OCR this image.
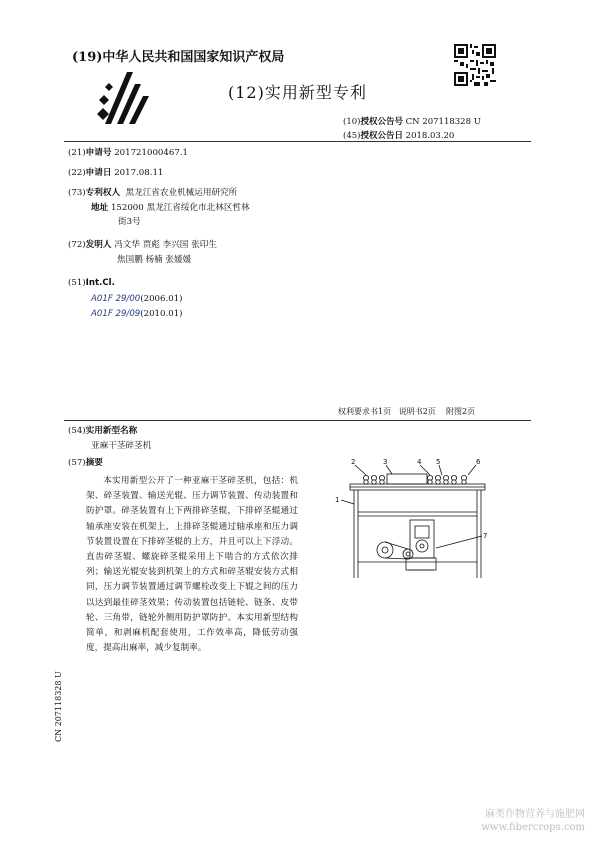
(19)中华人民共和国国家知识产权局
(12)实用新型专利
(10)授权公告号 CN 207118328 U
(45)授权公告日 2018.03.20
(21)申请号 201721000467.1
(22)申请日 2017.08.11
(73)专利权人 黑龙江省农业机械运用研究所
地址 152000 黑龙江省绥化市北林区哲林
街3号
(72)发明人 冯文华 贾彪 李兴国 张印生
焦国鹏 杨楠 张媛媛
(51)Int.Cl.
A01F 29/00(2006.01)
A01F 29/09(2010.01)
权利要求书1页 说明书2页 附图2页
(54)实用新型名称
亚麻干茎碎茎机
(57)摘要
本实用新型公开了一种亚麻干茎碎茎机，包括：机架、碎茎装置、输送光辊、压力调节装置、传动装置和防护罩。碎茎装置有上下两排碎茎辊，下排碎茎辊通过轴承座安装在机架上，上排碎茎辊通过轴承座和压力调节装置设置在下排碎茎辊的上方，并且可以上下浮动。直齿碎茎辊、螺旋碎茎辊采用上下啮合的方式依次排列；输送光辊安装到机架上的方式和碎茎辊安装方式相同，压力调节装置通过调节螺栓改变上下辊之间的压力以达到最佳碎茎效果；传动装置包括链轮、链条、皮带轮、三角带，链轮外侧用防护罩防护。本实用新型结构简单，和剥麻机配套使用，工作效率高，降低劳动强度，提高出麻率，减少复制率。
2	3	4 5	6
1
7
CN 207118328 U
麻类作物营养与施肥网
www.fibercrops.com
